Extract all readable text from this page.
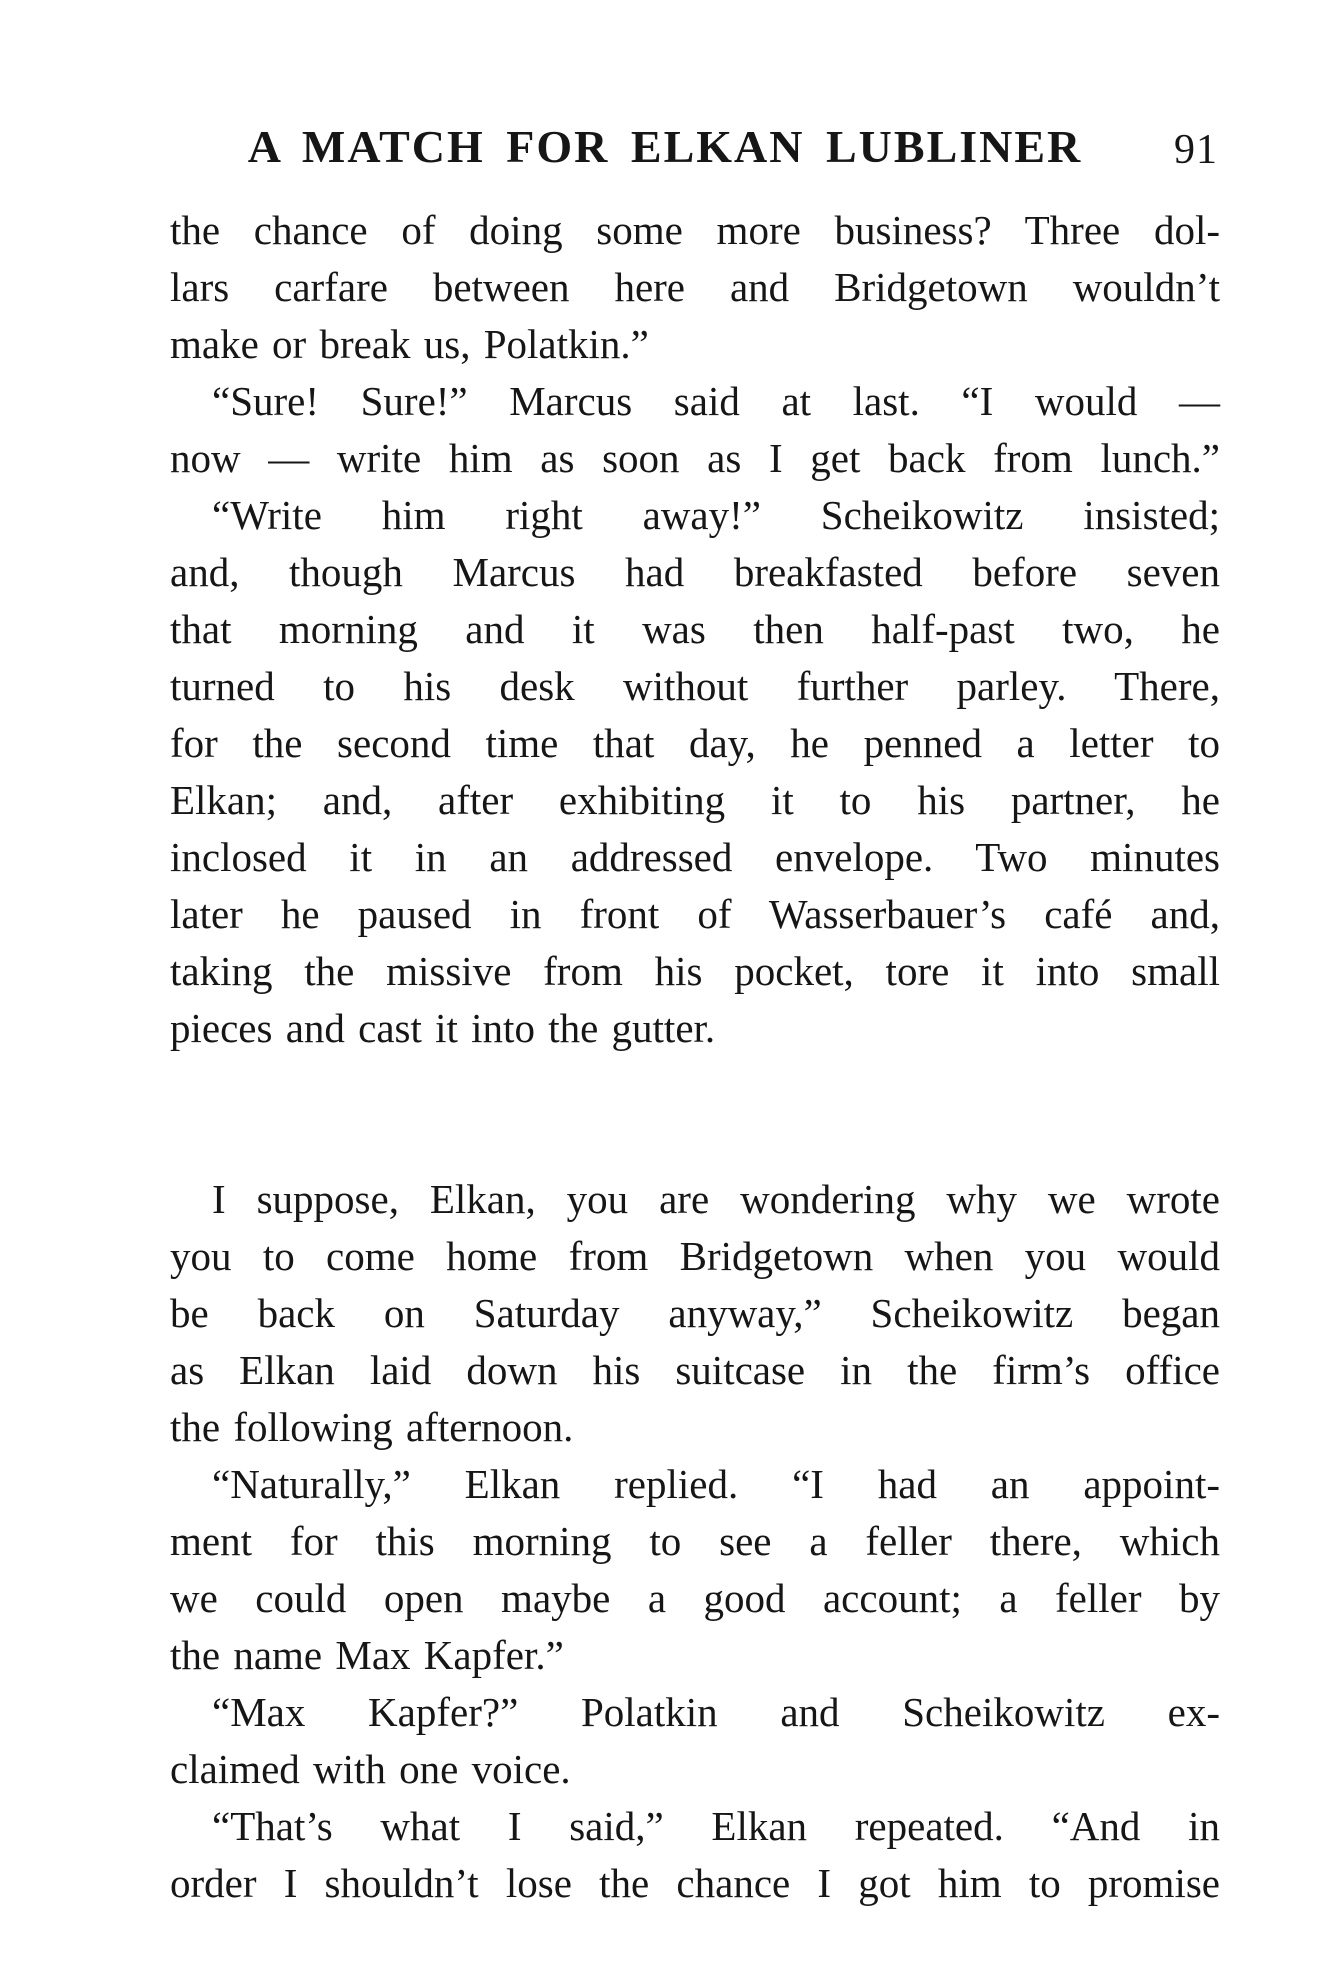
A MATCH FOR ELKAN LUBLINER	91
the chance of doing some more business? Three dol-
lars carfare between here and Bridgetown wouldn’t
make or break us, Polatkin.”
“Sure! Sure!” Marcus said at last. “I would —
now — write him as soon as I get back from lunch.”
“Write him right away!” Scheikowitz insisted;
and, though Marcus had breakfasted before seven
that morning and it was then half-past two, he
turned to his desk without further parley. There,
for the second time that day, he penned a letter to
Elkan; and, after exhibiting it to his partner, he
inclosed it in an addressed envelope. Two minutes
later he paused in front of Wasserbauer’s café and,
taking the missive from his pocket, tore it into small
pieces and cast it into the gutter.
I suppose, Elkan, you are wondering why we wrote
you to come home from Bridgetown when you would
be back on Saturday anyway,” Scheikowitz began
as Elkan laid down his suitcase in the firm’s office
the following afternoon.
“Naturally,” Elkan replied. “I had an appoint-
ment for this morning to see a feller there, which
we could open maybe a good account; a feller by
the name Max Kapfer.”
“Max Kapfer?” Polatkin and Scheikowitz ex-
claimed with one voice.
“That’s what I said,” Elkan repeated. “And in
order I shouldn’t lose the chance I got him to promise
